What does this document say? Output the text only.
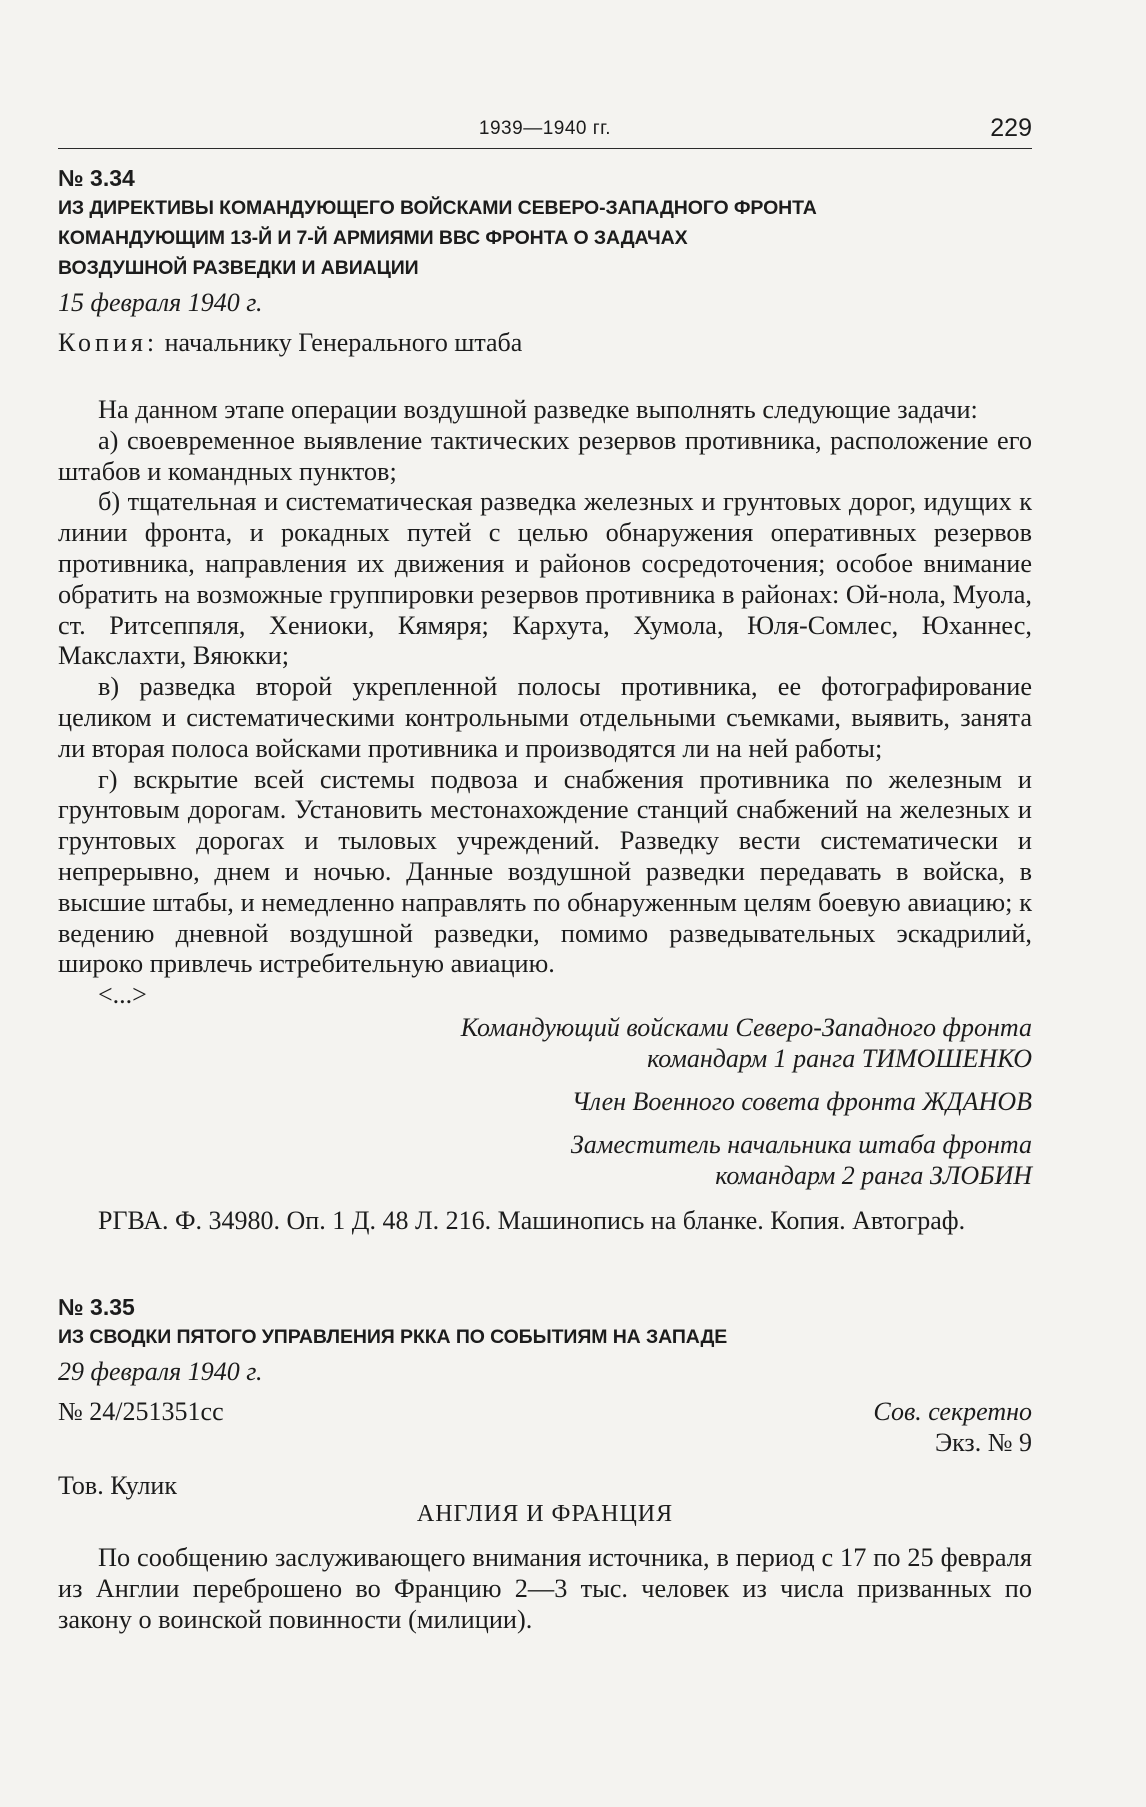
1939—1940 гг.	229
№ 3.34
ИЗ ДИРЕКТИВЫ КОМАНДУЮЩЕГО ВОЙСКАМИ СЕВЕРО-ЗАПАДНОГО ФРОНТА
КОМАНДУЮЩИМ 13-Й И 7-Й АРМИЯМИ ВВС ФРОНТА О ЗАДАЧАХ
ВОЗДУШНОЙ РАЗВЕДКИ И АВИАЦИИ
15 февраля 1940 г.
Копия: начальнику Генерального штаба

На данном этапе операции воздушной разведке выполнять следующие задачи:

а) своевременное выявление тактических резервов противника, расположение его штабов и командных пунктов;

б) тщательная и систематическая разведка железных и грунтовых дорог, идущих к линии фронта, и рокадных путей с целью обнаружения оперативных резервов противника, направления их движения и районов сосредоточения; особое внимание обратить на возможные группировки резервов противника в районах: Ой-нола, Муола, ст. Ритсеппяля, Хениоки, Кямяря; Кархута, Хумола, Юля-Сомлес, Юханнес, Макслахти, Вяюкки;

в) разведка второй укрепленной полосы противника, ее фотографирование целиком и систематическими контрольными отдельными съемками, выявить, занята ли вторая полоса войсками противника и производятся ли на ней работы;

г) вскрытие всей системы подвоза и снабжения противника по железным и грунтовым дорогам. Установить местонахождение станций снабжений на железных и грунтовых дорогах и тыловых учреждений. Разведку вести систематически и непрерывно, днем и ночью. Данные воздушной разведки передавать в войска, в высшие штабы, и немедленно направлять по обнаруженным целям боевую авиацию; к ведению дневной воздушной разведки, помимо разведывательных эскадрилий, широко привлечь истребительную авиацию.

<...>
Командующий войсками Северо-Западного фронта
командарм 1 ранга ТИМОШЕНКО
Член Военного совета фронта ЖДАНОВ
Заместитель начальника штаба фронта
командарм 2 ранга ЗЛОБИН
РГВА. Ф. 34980. Оп. 1 Д. 48 Л. 216. Машинопись на бланке. Копия. Автограф.
№ 3.35
ИЗ СВОДКИ ПЯТОГО УПРАВЛЕНИЯ РККА ПО СОБЫТИЯМ НА ЗАПАДЕ
29 февраля 1940 г.
№ 24/251351сс	Сов. секретно
Экз. № 9
Тов. Кулик
АНГЛИЯ И ФРАНЦИЯ

По сообщению заслуживающего внимания источника, в период с 17 по 25 февраля из Англии переброшено во Францию 2—3 тыс. человек из числа призванных по закону о воинской повинности (милиции).
